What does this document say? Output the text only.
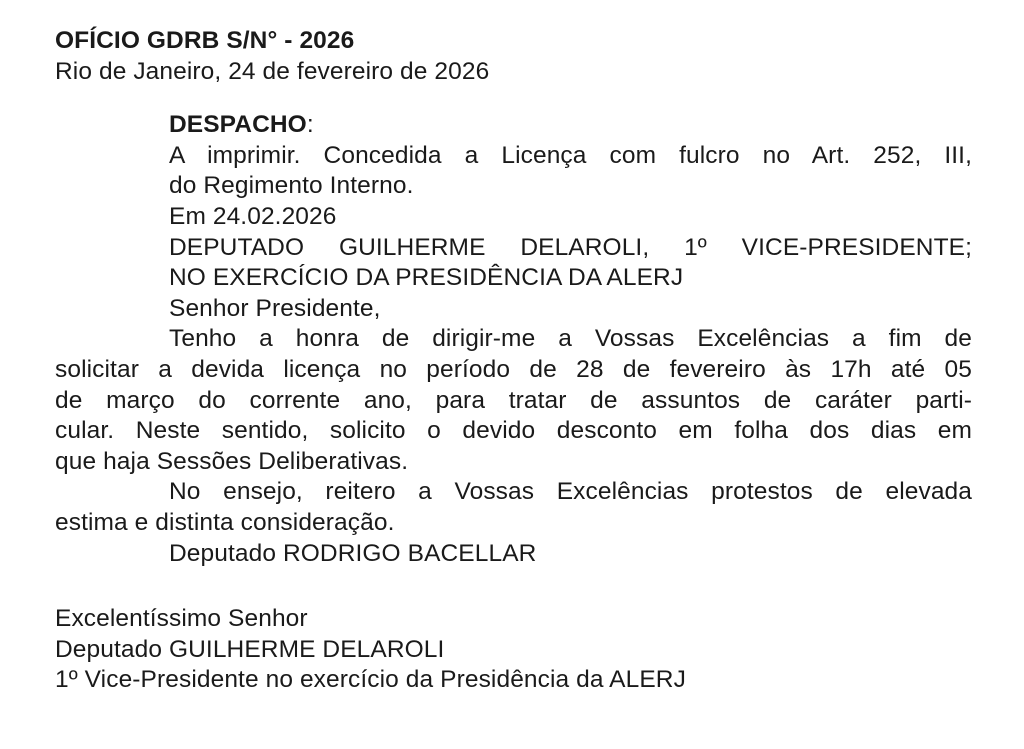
OFÍCIO GDRB S/N° - 2026
Rio de Janeiro, 24 de fevereiro de 2026
DESPACHO:
A imprimir. Concedida a Licença com fulcro no Art. 252, III,
do Regimento Interno.
Em 24.02.2026
DEPUTADO GUILHERME DELAROLI, 1º VICE-PRESIDENTE;
NO EXERCÍCIO DA PRESIDÊNCIA DA ALERJ
Senhor Presidente,
Tenho a honra de dirigir-me a Vossas Excelências a fim de
solicitar a devida licença no período de 28 de fevereiro às 17h até 05
de março do corrente ano, para tratar de assuntos de caráter parti-
cular. Neste sentido, solicito o devido desconto em folha dos dias em
que haja Sessões Deliberativas.
No ensejo, reitero a Vossas Excelências protestos de elevada
estima e distinta consideração.
Deputado RODRIGO BACELLAR
Excelentíssimo Senhor
Deputado GUILHERME DELAROLI
1º Vice-Presidente no exercício da Presidência da ALERJ
